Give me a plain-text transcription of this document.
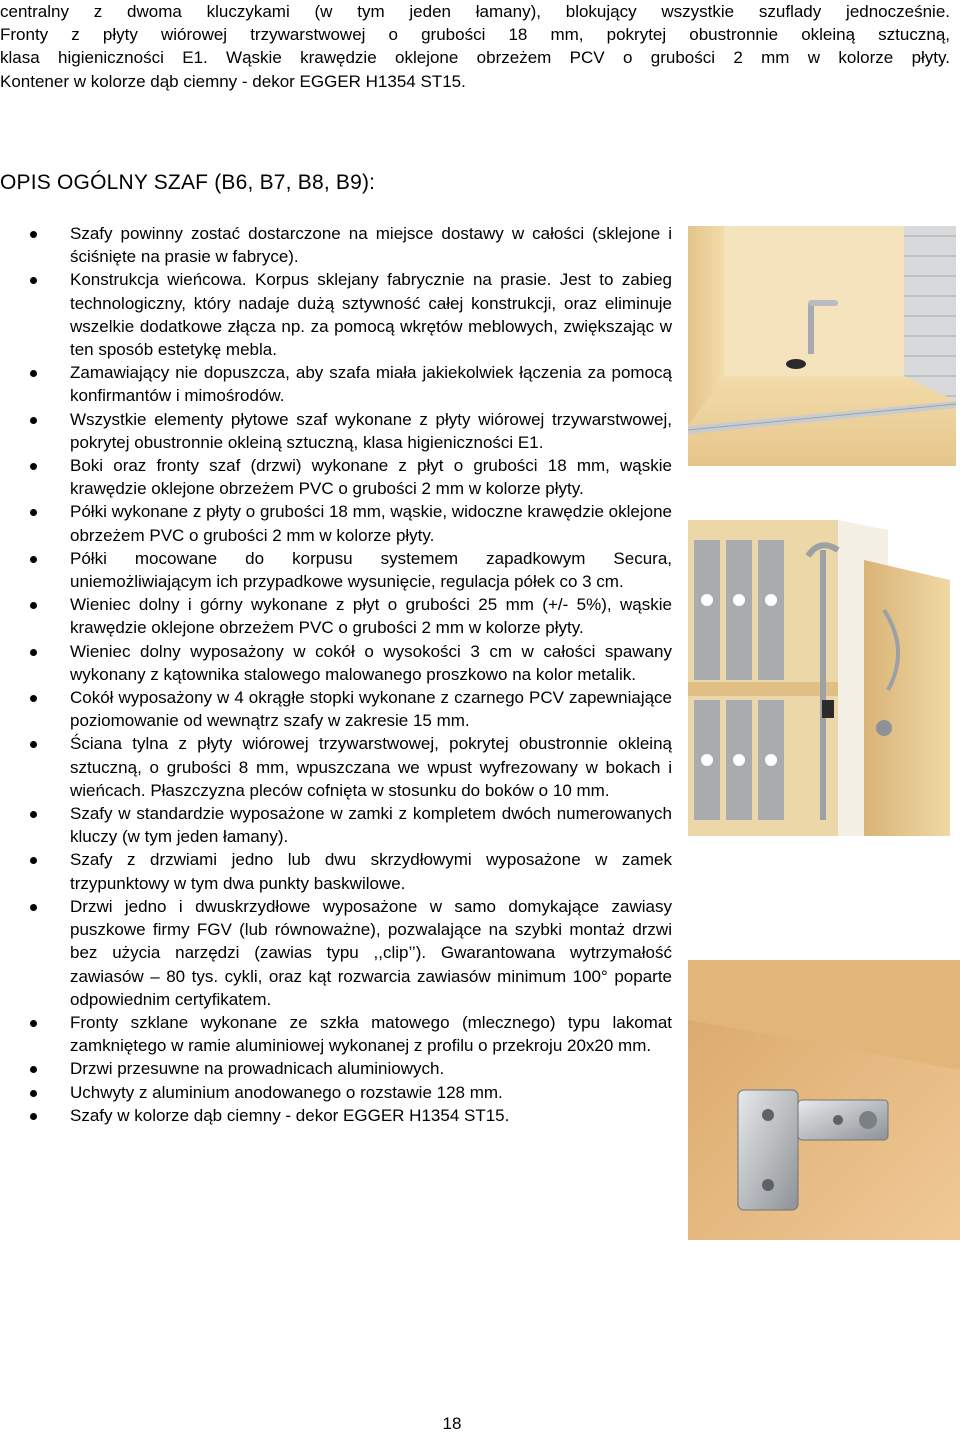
centralny z dwoma kluczykami (w tym jeden łamany), blokujący wszystkie szuflady jednocześnie.

Fronty z płyty wiórowej trzywarstwowej o grubości 18 mm, pokrytej obustronnie okleiną sztuczną,

klasa higieniczności E1. Wąskie krawędzie oklejone obrzeżem PCV o grubości 2 mm w kolorze płyty.

Kontener w kolorze dąb ciemny - dekor EGGER H1354 ST15.

OPIS OGÓLNY SZAF (B6, B7, B8, B9):
Szafy powinny zostać dostarczone na miejsce dostawy w całości (sklejone i ściśnięte na prasie w fabryce).
Konstrukcja wieńcowa. Korpus sklejany fabrycznie na prasie. Jest to zabieg technologiczny, który nadaje dużą sztywność całej konstrukcji, oraz eliminuje wszelkie dodatkowe złącza np. za pomocą wkrętów meblowych, zwiększając w ten sposób estetykę mebla.
Zamawiający nie dopuszcza, aby szafa miała jakiekolwiek łączenia za pomocą konfirmantów i mimośrodów.
Wszystkie elementy płytowe szaf wykonane z płyty wiórowej trzywarstwowej, pokrytej obustronnie okleiną sztuczną, klasa higieniczności E1.
Boki oraz fronty szaf (drzwi) wykonane z płyt o grubości 18 mm, wąskie krawędzie oklejone obrzeżem PVC o grubości 2 mm w kolorze płyty.
Półki wykonane z płyty o grubości 18 mm, wąskie, widoczne krawędzie oklejone obrzeżem PVC o grubości 2 mm w kolorze płyty.
Półki mocowane do korpusu systemem zapadkowym Secura, uniemożliwiającym ich przypadkowe wysunięcie, regulacja półek co 3 cm.
Wieniec dolny i górny wykonane z płyt o grubości 25 mm (+/- 5%), wąskie krawędzie oklejone obrzeżem PVC o grubości 2 mm w kolorze płyty.
Wieniec dolny wyposażony w cokół o wysokości 3 cm w całości spawany wykonany z kątownika stalowego malowanego proszkowo na kolor metalik.
Cokół wyposażony w 4 okrągłe stopki wykonane z czarnego PCV zapewniające poziomowanie od wewnątrz szafy w zakresie 15 mm.
Ściana tylna z płyty wiórowej trzywarstwowej, pokrytej obustronnie okleiną sztuczną, o grubości 8 mm, wpuszczana we wpust wyfrezowany w bokach i wieńcach. Płaszczyzna pleców cofnięta w stosunku do boków o 10 mm.
Szafy w standardzie wyposażone w zamki z kompletem dwóch numerowanych kluczy (w tym jeden łamany).
Szafy z drzwiami jedno lub dwu skrzydłowymi wyposażone w zamek trzypunktowy w tym dwa punkty baskwilowe.
Drzwi jedno i dwuskrzydłowe wyposażone w samo domykające zawiasy puszkowe firmy FGV (lub równoważne), pozwalające na szybki montaż drzwi bez użycia narzędzi (zawias typu ,,clip’’). Gwarantowana wytrzymałość zawiasów – 80 tys. cykli, oraz kąt rozwarcia zawiasów minimum 100° poparte odpowiednim certyfikatem.
Fronty szklane wykonane ze szkła matowego (mlecznego) typu lakomat zamkniętego w ramie aluminiowej wykonanej z profilu o przekroju 20x20 mm.
Drzwi przesuwne na prowadnicach aluminiowych.
Uchwyty z aluminium anodowanego o rozstawie 128 mm.
Szafy w kolorze dąb ciemny - dekor EGGER H1354 ST15.
18
